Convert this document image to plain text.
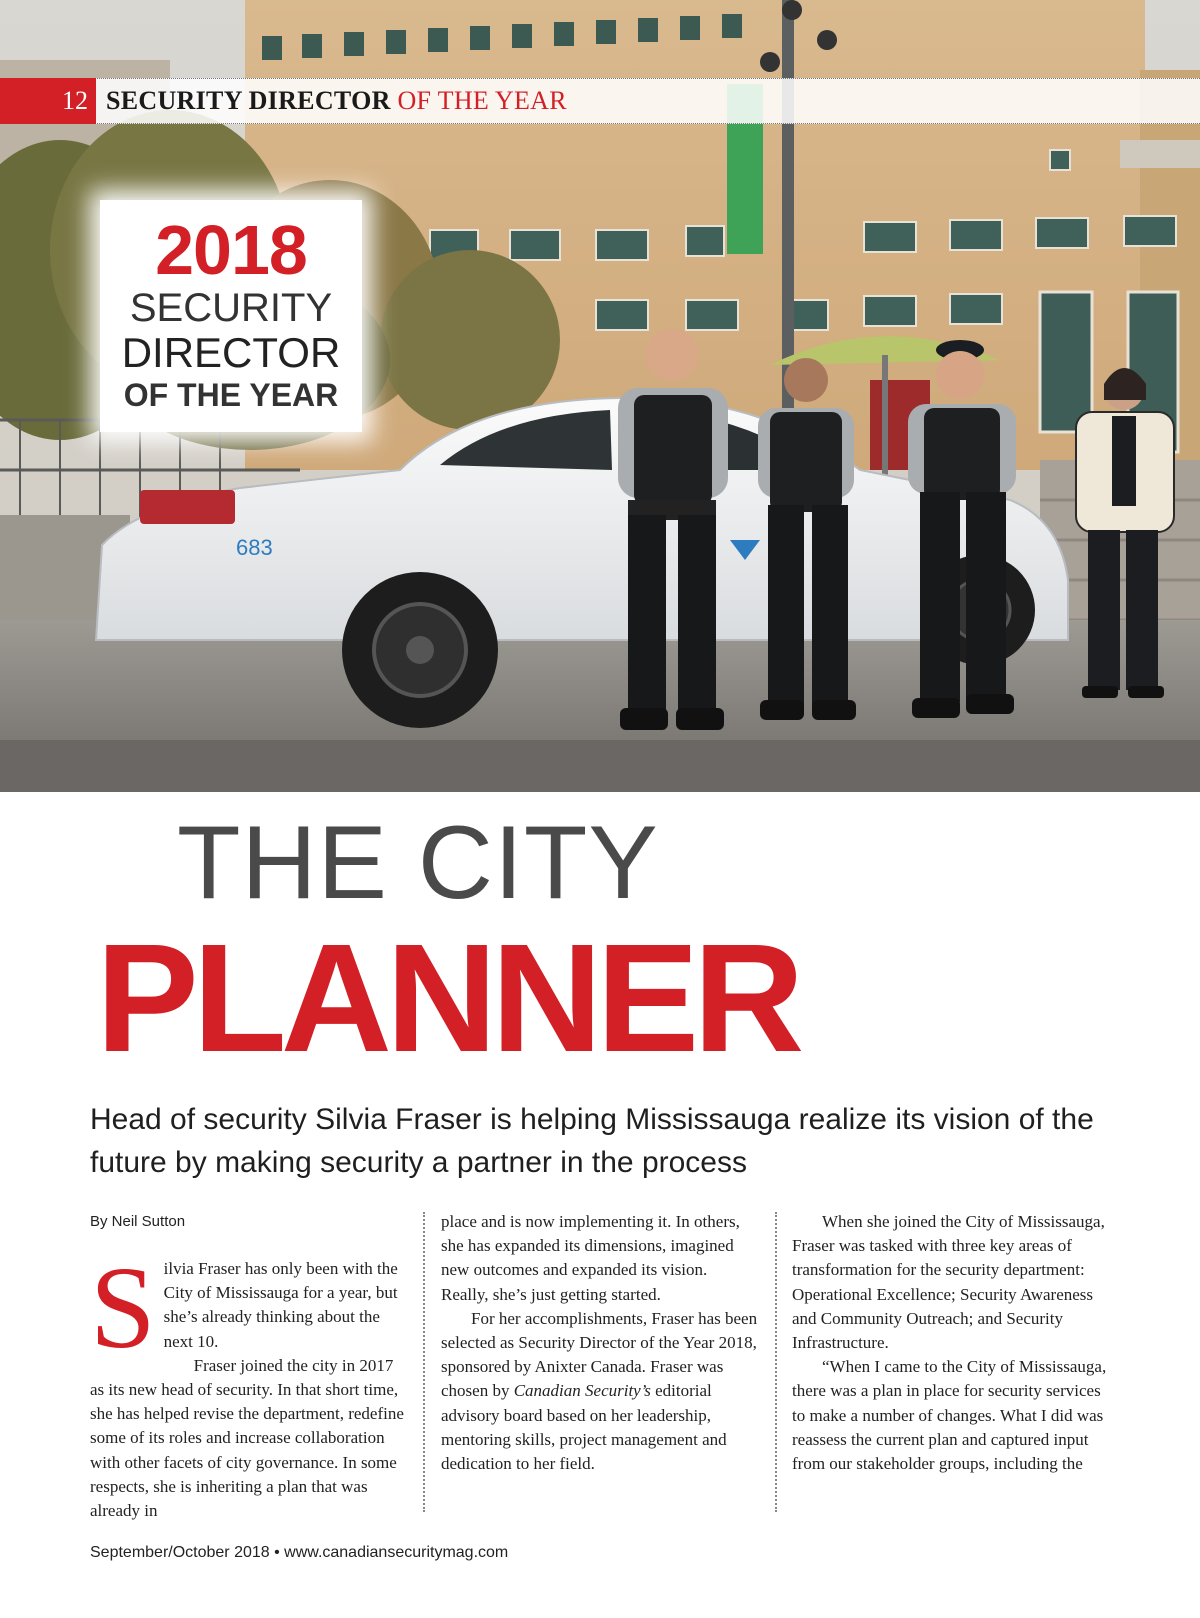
683
12 SECURITY DIRECTOR OF THE YEAR
2018
SECURITY
DIRECTOR
OF THE YEAR
THE CITY
PLANNER
Head of security Silvia Fraser is helping Mississauga realize its vision of the future by making security a partner in the process
By Neil Sutton

Silvia Fraser has only been with the City of Mississauga for a year, but she’s already thinking about the next 10.

Fraser joined the city in 2017 as its new head of security. In that short time, she has helped revise the department, redefine some of its roles and increase collaboration with other facets of city governance. In some respects, she is inheriting a plan that was already in

place and is now implementing it. In others, she has expanded its dimensions, imagined new outcomes and expanded its vision. Really, she’s just getting started.

For her accomplishments, Fraser has been selected as Security Director of the Year 2018, sponsored by Anixter Canada. Fraser was chosen by Canadian Security’s editorial advisory board based on her leadership, mentoring skills, project management and dedication to her field.

When she joined the City of Mississauga, Fraser was tasked with three key areas of transformation for the security department: Operational Excellence; Security Awareness and Community Outreach; and Security Infrastructure.

“When I came to the City of Mississauga, there was a plan in place for security services to make a number of changes. What I did was reassess the current plan and captured input from our stakeholder groups, including the

September/October 2018 • www.canadiansecuritymag.com
